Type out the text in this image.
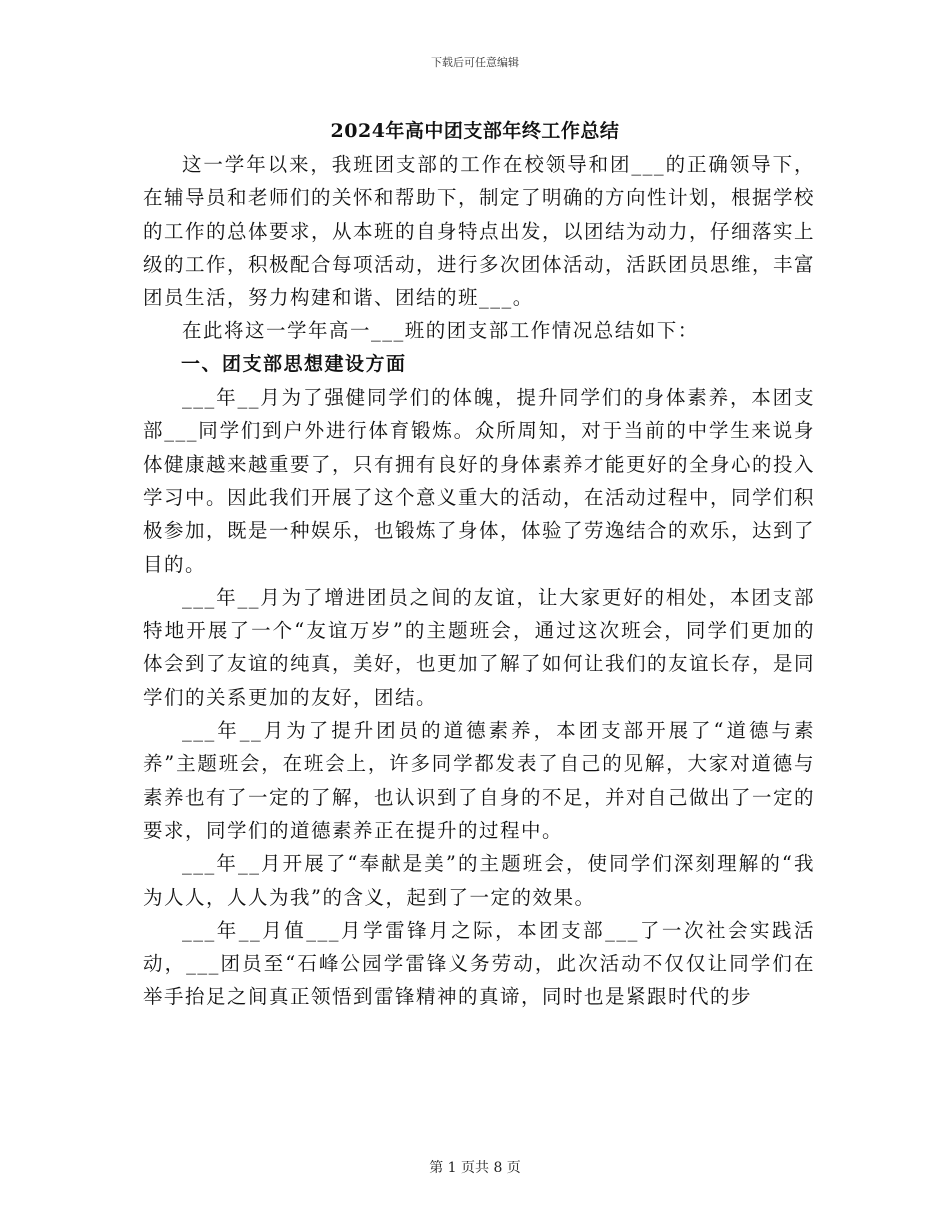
下载后可任意编辑
2024年高中团支部年终工作总结

这一学年以来，我班团支部的工作在校领导和团___的正确领导下，在辅导员和老师们的关怀和帮助下，制定了明确的方向性计划，根据学校的工作的总体要求，从本班的自身特点出发，以团结为动力，仔细落实上级的工作，积极配合每项活动，进行多次团体活动，活跃团员思维，丰富团员生活，努力构建和谐、团结的班___。

在此将这一学年高一___班的团支部工作情况总结如下：

一、团支部思想建设方面

___年__月为了强健同学们的体魄，提升同学们的身体素养，本团支部___同学们到户外进行体育锻炼。众所周知，对于当前的中学生来说身体健康越来越重要了，只有拥有良好的身体素养才能更好的全身心的投入学习中。因此我们开展了这个意义重大的活动，在活动过程中，同学们积极参加，既是一种娱乐，也锻炼了身体，体验了劳逸结合的欢乐，达到了目的。

___年__月为了增进团员之间的友谊，让大家更好的相处，本团支部特地开展了一个“友谊万岁”的主题班会，通过这次班会，同学们更加的体会到了友谊的纯真，美好，也更加了解了如何让我们的友谊长存，是同学们的关系更加的友好，团结。

___年__月为了提升团员的道德素养，本团支部开展了“道德与素养”主题班会，在班会上，许多同学都发表了自己的见解，大家对道德与素养也有了一定的了解，也认识到了自身的不足，并对自己做出了一定的要求，同学们的道德素养正在提升的过程中。

___年__月开展了“奉献是美”的主题班会，使同学们深刻理解的“我为人人，人人为我”的含义，起到了一定的效果。

___年__月值___月学雷锋月之际，本团支部___了一次社会实践活动，___团员至“石峰公园学雷锋义务劳动，此次活动不仅仅让同学们在举手抬足之间真正领悟到雷锋精神的真谛，同时也是紧跟时代的步

第 1 页共 8 页
